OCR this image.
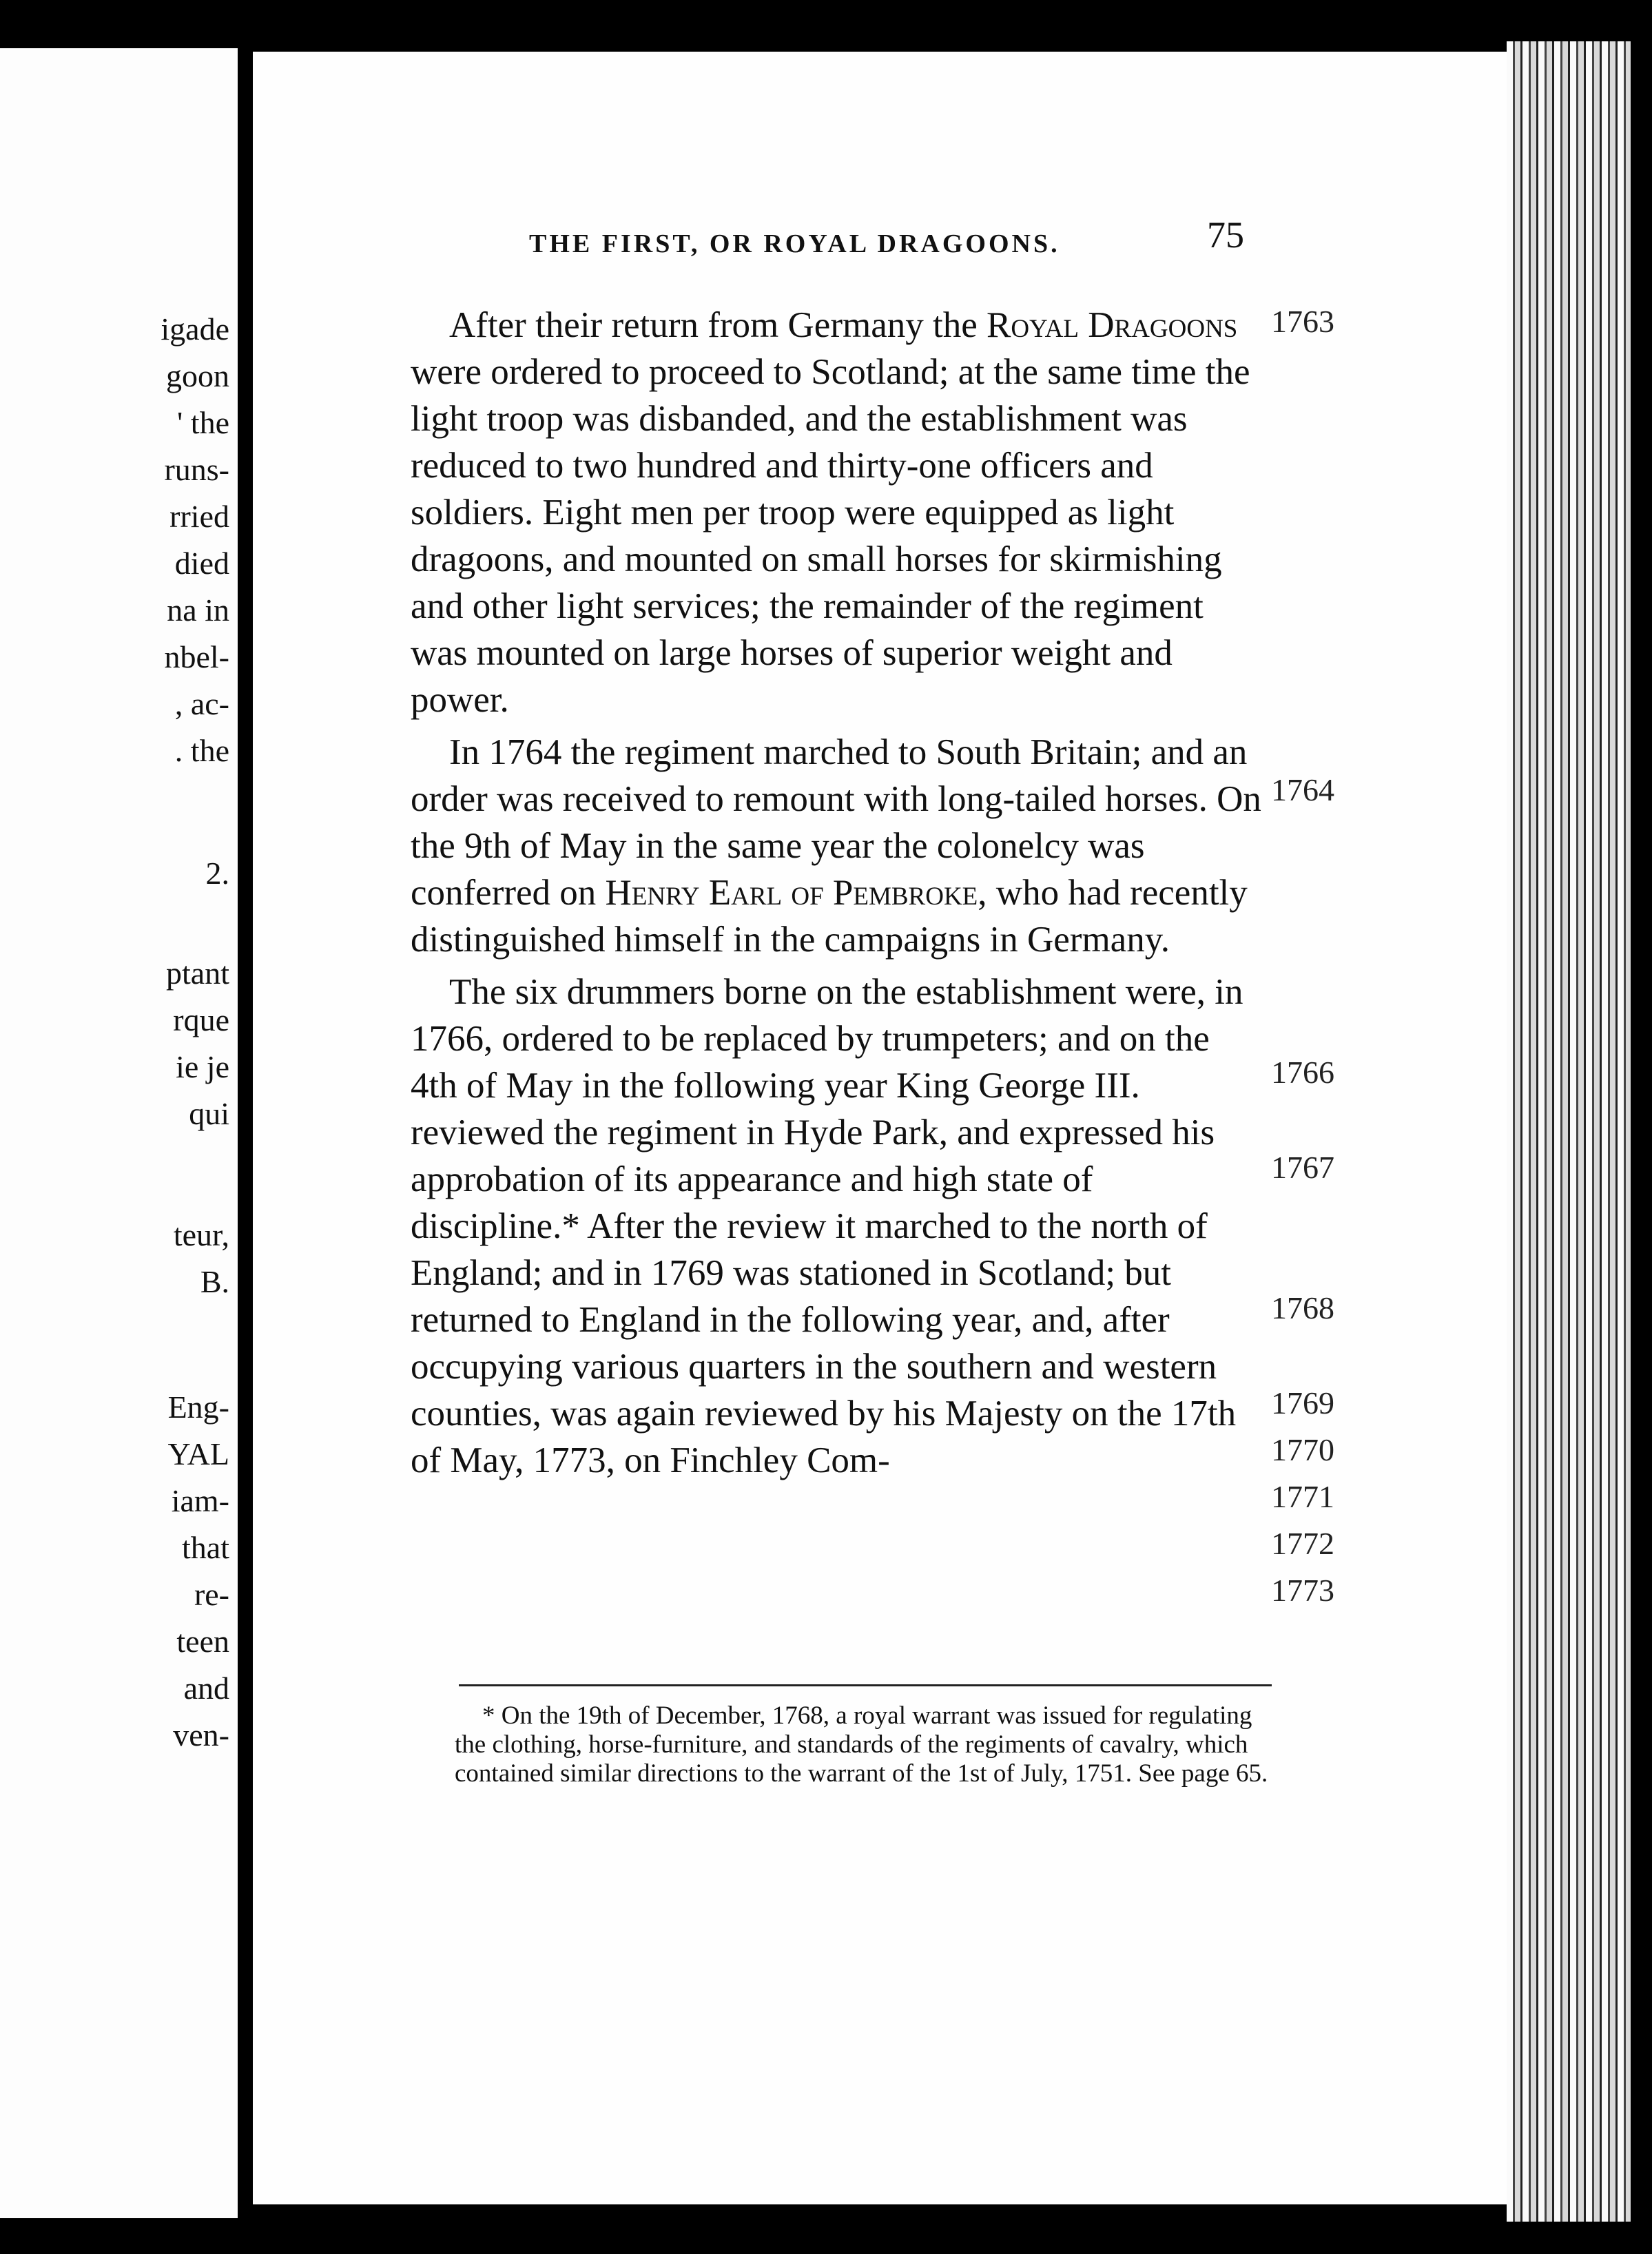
igade
goon
' the
runs-
rried
died
na in
nbel-
, ac-
. the
2.
ptant
rque
ie je
qui
teur,
B.
Eng-
YAL
iam-
that
re-
teen
and
ven-
THE FIRST, OR ROYAL DRAGOONS.	75

After their return from Germany the Royal Dragoons were ordered to proceed to Scotland; at the same time the light troop was disbanded, and the establishment was reduced to two hundred and thirty-one officers and soldiers. Eight men per troop were equipped as light dragoons, and mounted on small horses for skirmishing and other light services; the remainder of the regiment was mounted on large horses of superior weight and power.

In 1764 the regiment marched to South Britain; and an order was received to remount with long-tailed horses. On the 9th of May in the same year the colonelcy was conferred on Henry Earl of Pembroke, who had recently distinguished himself in the campaigns in Germany.

The six drummers borne on the establishment were, in 1766, ordered to be replaced by trumpeters; and on the 4th of May in the following year King George III. reviewed the regiment in Hyde Park, and expressed his approbation of its appearance and high state of discipline.* After the review it marched to the north of England; and in 1769 was stationed in Scotland; but returned to England in the following year, and, after occupying various quarters in the southern and western counties, was again reviewed by his Majesty on the 17th of May, 1773, on Finchley Com-

1763
1764
1766
1767
1768
1769
1770
1771
1772
1773

* On the 19th of December, 1768, a royal warrant was issued for regulating the clothing, horse-furniture, and standards of the regiments of cavalry, which contained similar directions to the warrant of the 1st of July, 1751. See page 65.
